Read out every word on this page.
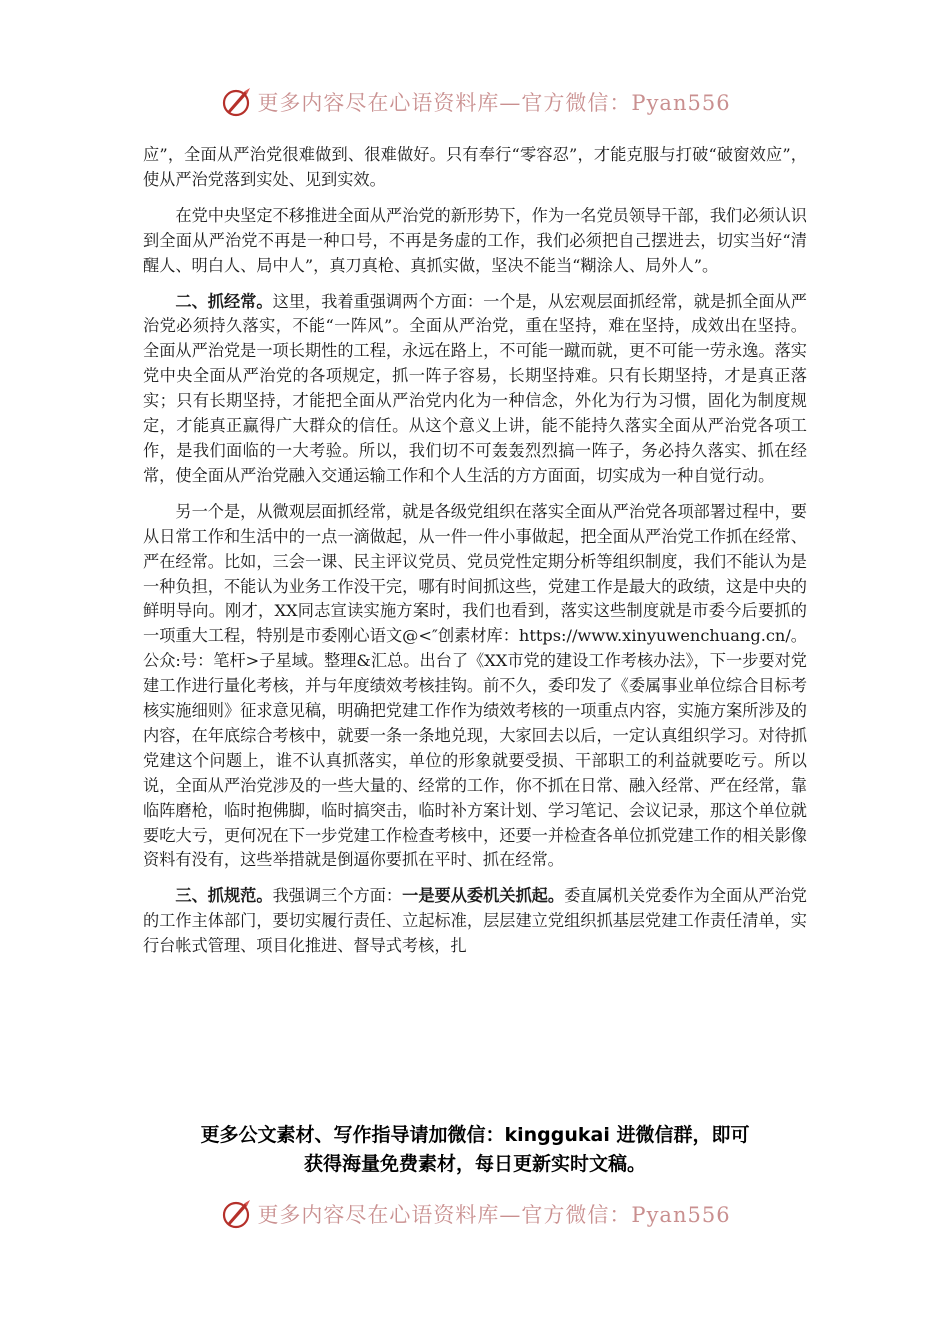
更多内容尽在心语资料库—官方微信：Pyan556

应”，全面从严治党很难做到、很难做好。只有奉行“零容忍”，才能克服与打破“破窗效应”，使从严治党落到实处、见到实效。

在党中央坚定不移推进全面从严治党的新形势下，作为一名党员领导干部，我们必须认识到全面从严治党不再是一种口号，不再是务虚的工作，我们必须把自己摆进去，切实当好“清醒人、明白人、局中人”，真刀真枪、真抓实做，坚决不能当“糊涂人、局外人”。

二、抓经常。这里，我着重强调两个方面：一个是，从宏观层面抓经常，就是抓全面从严治党必须持久落实，不能“一阵风”。全面从严治党，重在坚持，难在坚持，成效出在坚持。全面从严治党是一项长期性的工程，永远在路上，不可能一蹴而就，更不可能一劳永逸。落实党中央全面从严治党的各项规定，抓一阵子容易，长期坚持难。只有长期坚持，才是真正落实；只有长期坚持，才能把全面从严治党内化为一种信念，外化为行为习惯，固化为制度规定，才能真正赢得广大群众的信任。从这个意义上讲，能不能持久落实全面从严治党各项工作，是我们面临的一大考验。所以，我们切不可轰轰烈烈搞一阵子，务必持久落实、抓在经常，使全面从严治党融入交通运输工作和个人生活的方方面面，切实成为一种自觉行动。

另一个是，从微观层面抓经常，就是各级党组织在落实全面从严治党各项部署过程中，要从日常工作和生活中的一点一滴做起，从一件一件小事做起，把全面从严治党工作抓在经常、严在经常。比如，三会一课、民主评议党员、党员党性定期分析等组织制度，我们不能认为是一种负担，不能认为业务工作没干完，哪有时间抓这些，党建工作是最大的政绩，这是中央的鲜明导向。刚才，XX同志宣读实施方案时，我们也看到，落实这些制度就是市委今后要抓的一项重大工程，特别是市委刚心语文@<″创素材库：https://www.xinyuwenchuang.cn/。公众:号：笔杆>子星域。整理&汇总。出台了《XX市党的建设工作考核办法》，下一步要对党建工作进行量化考核，并与年度绩效考核挂钩。前不久，委印发了《委属事业单位综合目标考核实施细则》征求意见稿，明确把党建工作作为绩效考核的一项重点内容，实施方案所涉及的内容，在年底综合考核中，就要一条一条地兑现，大家回去以后，一定认真组织学习。对待抓党建这个问题上，谁不认真抓落实，单位的形象就要受损、干部职工的利益就要吃亏。所以说，全面从严治党涉及的一些大量的、经常的工作，你不抓在日常、融入经常、严在经常，靠临阵磨枪，临时抱佛脚，临时搞突击，临时补方案计划、学习笔记、会议记录，那这个单位就要吃大亏，更何况在下一步党建工作检查考核中，还要一并检查各单位抓党建工作的相关影像资料有没有，这些举措就是倒逼你要抓在平时、抓在经常。

三、抓规范。我强调三个方面：一是要从委机关抓起。委直属机关党委作为全面从严治党的工作主体部门，要切实履行责任、立起标准，层层建立党组织抓基层党建工作责任清单，实行台帐式管理、项目化推进、督导式考核，扎

更多公文素材、写作指导请加微信：kinggukai 进微信群，即可
获得海量免费素材，每日更新实时文稿。
更多内容尽在心语资料库—官方微信：Pyan556
